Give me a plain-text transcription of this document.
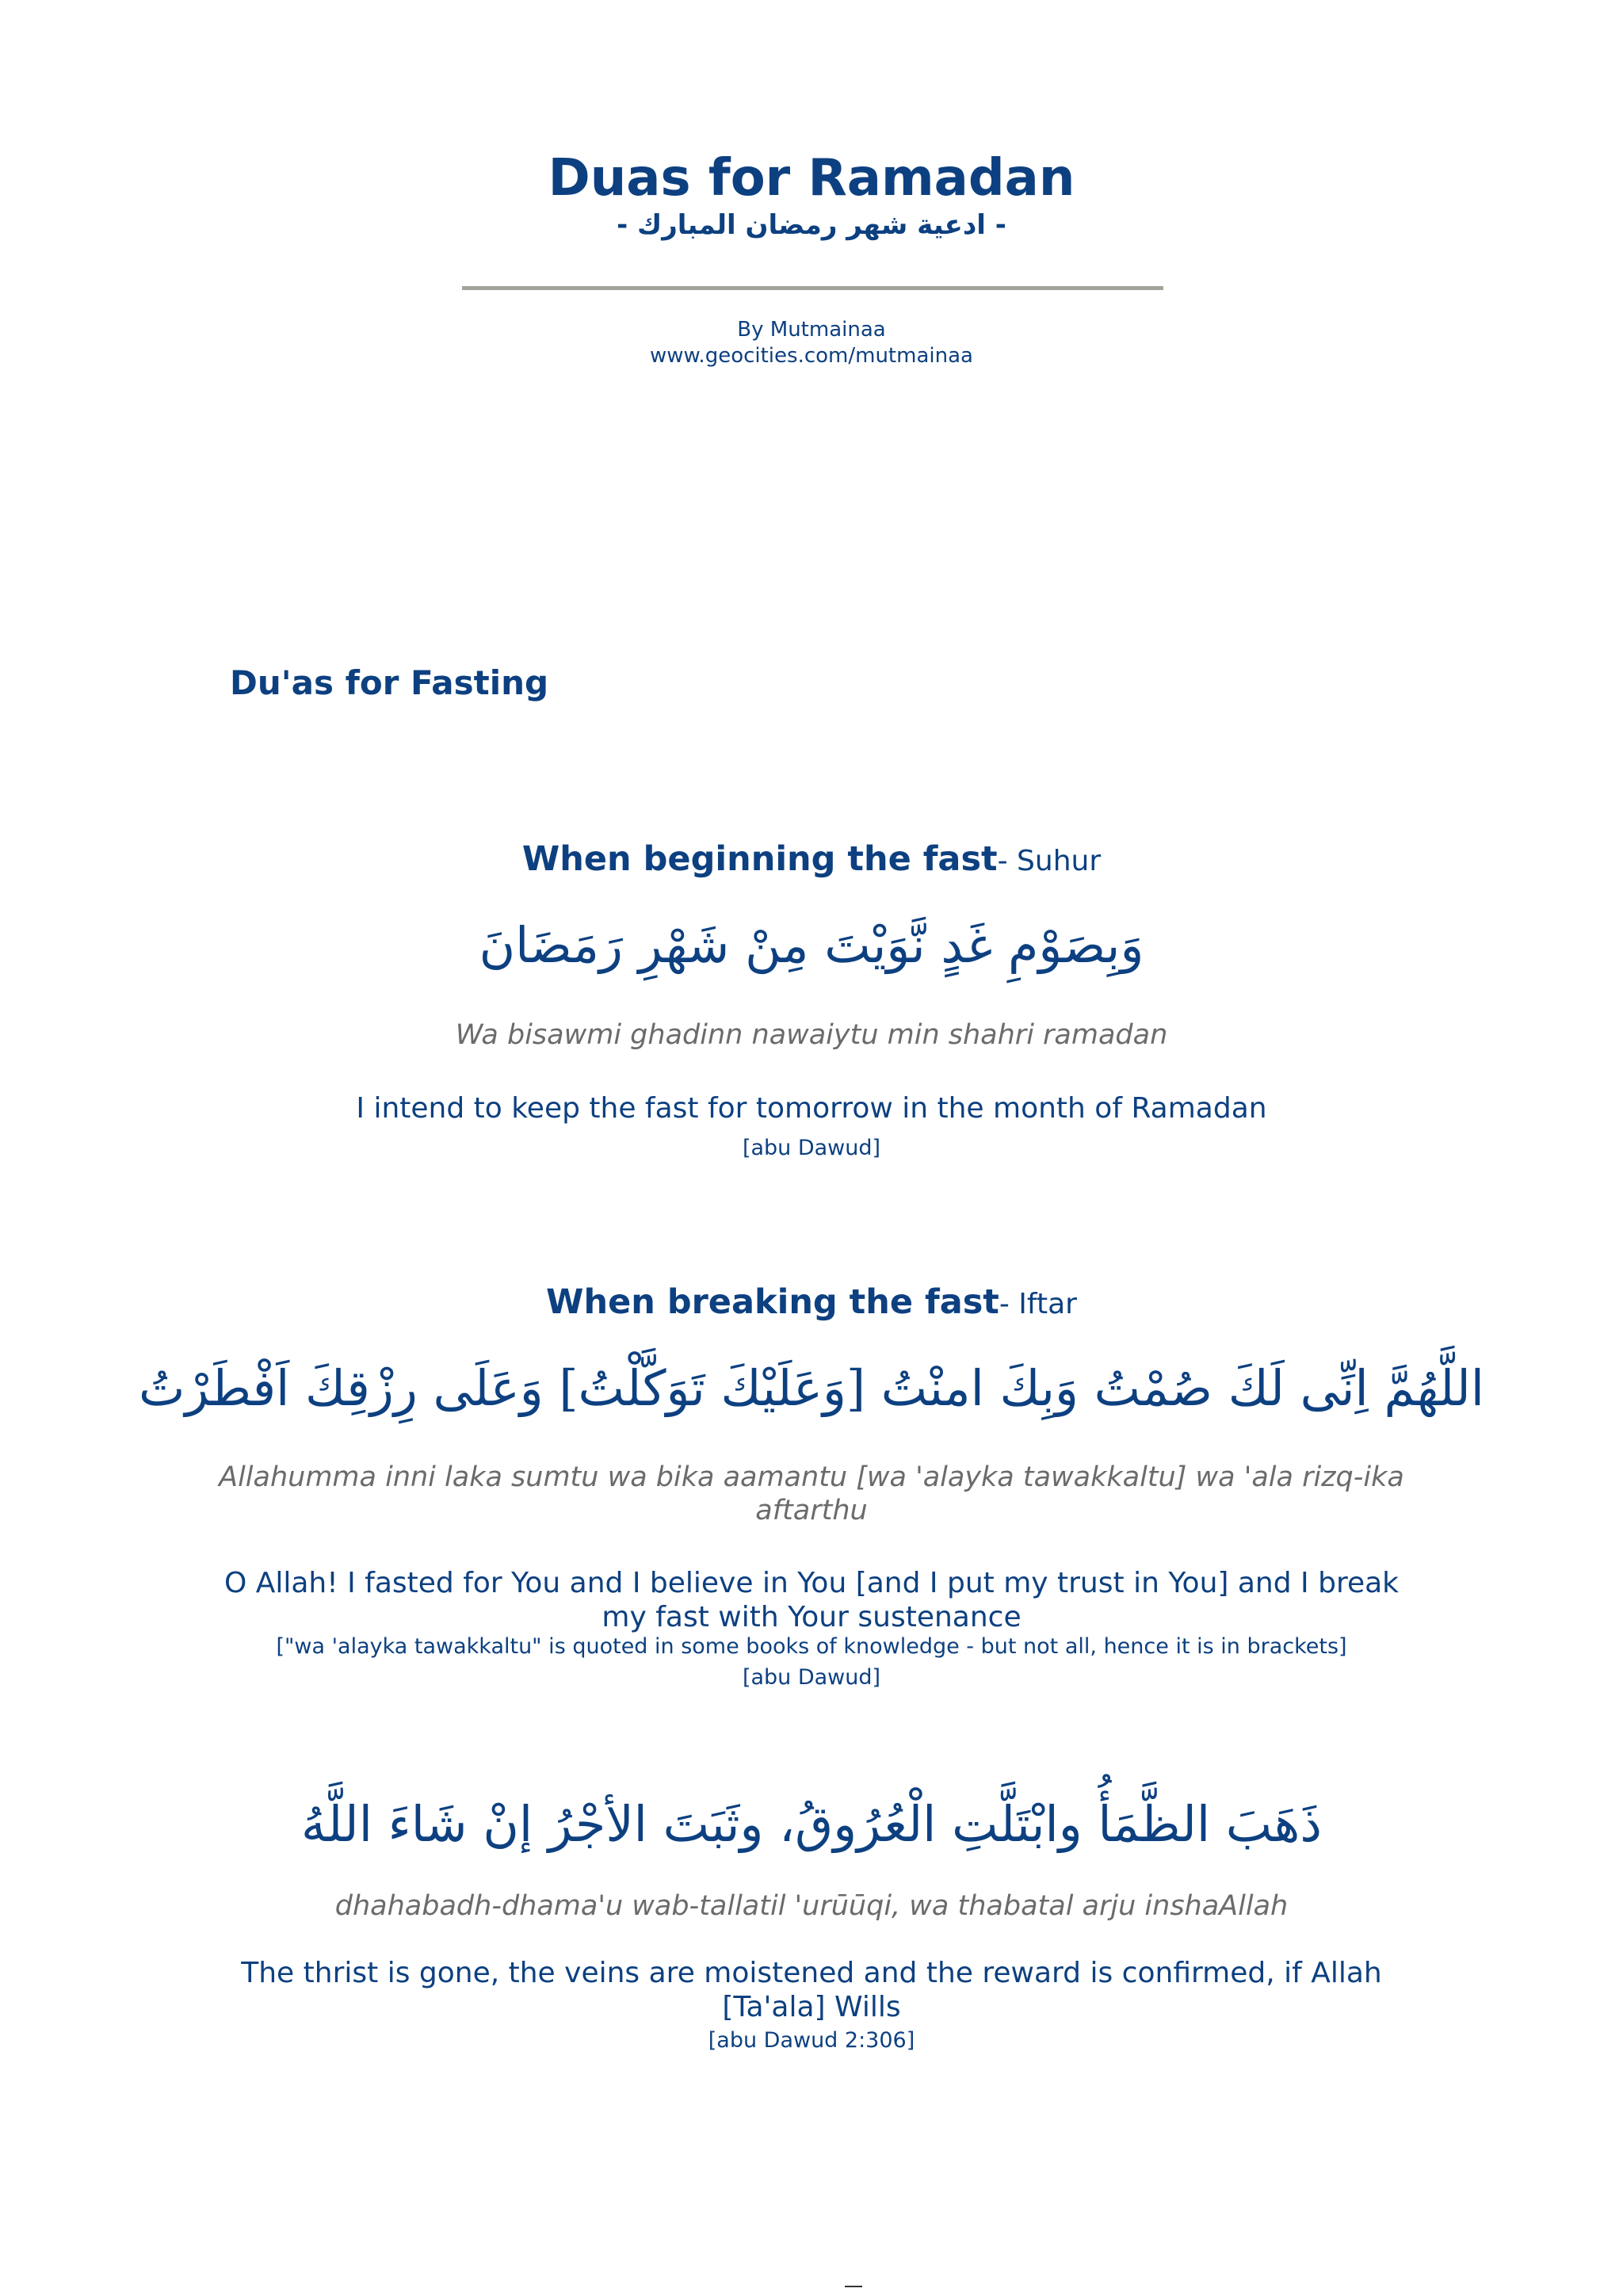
Duas for Ramadan
- ادعية شهر رمضان المبارك -
By Mutmainaa
www.geocities.com/mutmainaa
Du'as for Fasting
When beginning the fast- Suhur
وَبِصَوْمِ غَدٍ نَّوَيْتَ مِنْ شَهْرِ رَمَضَانَ
Wa bisawmi ghadinn nawaiytu min shahri ramadan
I intend to keep the fast for tomorrow in the month of Ramadan
[abu Dawud]
When breaking the fast- Iftar
اللَّهُمَّ اِنِّى لَكَ صُمْتُ وَبِكَ امنْتُ [وَعَلَيْكَ تَوَكَّلْتُ] وَعَلَى رِزْقِكَ اَفْطَرْتُ
Allahumma inni laka sumtu wa bika aamantu [wa 'alayka tawakkaltu] wa 'ala rizq-ika aftarthu
O Allah! I fasted for You and I believe in You [and I put my trust in You] and I break my fast with Your sustenance
["wa 'alayka tawakkaltu" is quoted in some books of knowledge - but not all, hence it is in brackets]
[abu Dawud]
ذَهَبَ الظَّمَأُ وابْتَلَّتِ الْعُرُوقُ، وثَبَتَ الأجْرُ إنْ شَاءَ اللَّهُ
dhahabadh-dhama'u wab-tallatil 'urūūqi, wa thabatal arju inshaAllah
The thrist is gone, the veins are moistened and the reward is confirmed, if Allah [Ta'ala] Wills
[abu Dawud 2:306]
